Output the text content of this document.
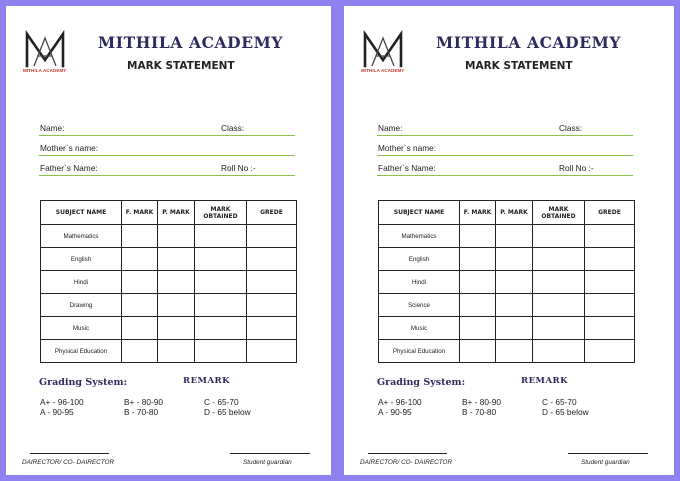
MITHILA ACADEMY
MITHILA ACADEMY
MARK STATEMENT
Name:	Class:
Mother`s name:
Father`s Name:	Roll No :-
SUBJECT NAME	F. MARK	P. MARK	MARK OBTAINED	GREDE
Mathematics				
English				
Hindi				
Drawing				
Music				
Physical Education				
Grading System:	REMARK
A+ - 96-100	B+ - 80-90	C - 65-70
A - 90-95	B - 70-80	D - 65 below
DAIRECTOR/ CO- DAIRECTOR	Student guardian
MITHILA ACADEMY
MITHILA ACADEMY
MARK STATEMENT
Name:	Class:
Mother`s name:
Father`s Name:	Roll No :-
SUBJECT NAME	F. MARK	P. MARK	MARK OBTAINED	GREDE
Mathematics				
English				
Hindi				
Science				
Music				
Physical Education				
Grading System:	REMARK
A+ - 96-100	B+ - 80-90	C - 65-70
A - 90-95	B - 70-80	D - 65 below
DAIRECTOR/ CO- DAIRECTOR	Student guardian
